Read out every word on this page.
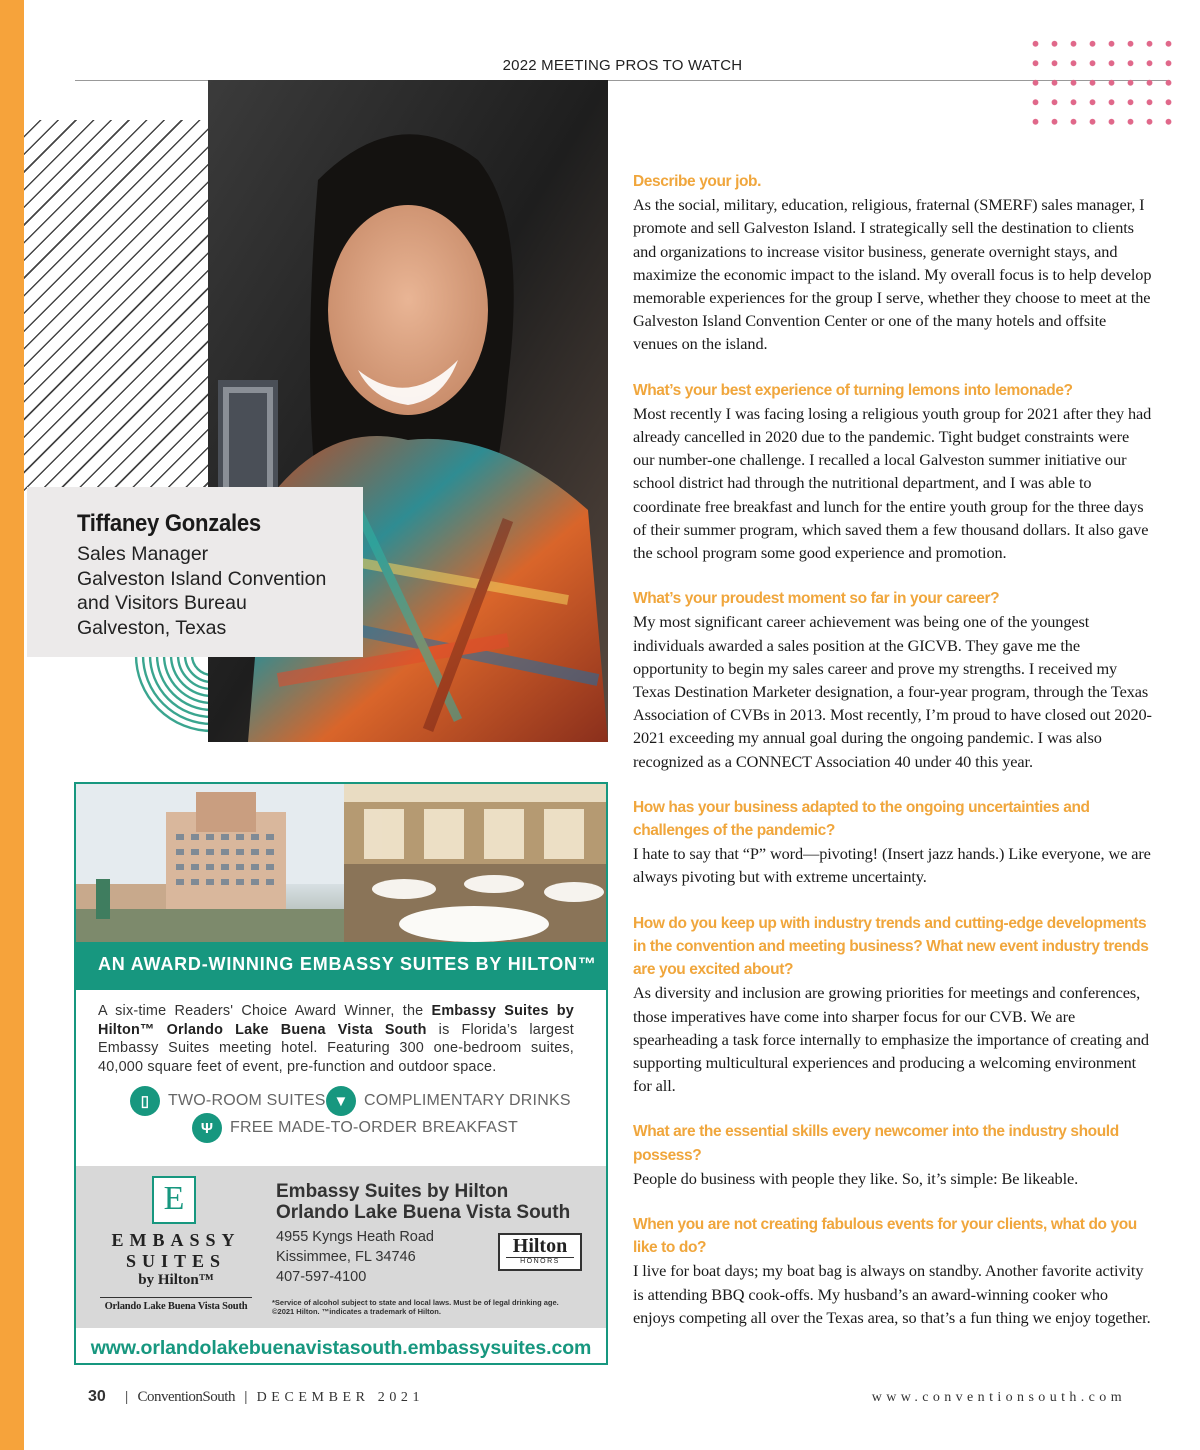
2022 MEETING PROS TO WATCH
Tiffaney Gonzales
Sales Manager
Galveston Island Convention
and Visitors Bureau
Galveston, Texas
AN AWARD-WINNING EMBASSY SUITES BY HILTON™
A six-time Readers' Choice Award Winner, the Embassy Suites by Hilton™ Orlando Lake Buena Vista South is Florida’s largest Embassy Suites meeting hotel. Featuring 300 one-bedroom suites, 40,000 square feet of event, pre-function and outdoor space.
▯	TWO-ROOM SUITES ▼ COMPLIMENTARY DRINKS
Ψ	FREE MADE-TO-ORDER BREAKFAST
E
EMBASSY
SUITES
by Hilton™
Orlando Lake Buena Vista South
Embassy Suites by Hilton Orlando Lake Buena Vista South
4955 Kyngs Heath Road
Kissimmee, FL 34746
407-597-4100
Hilton
HONORS
*Service of alcohol subject to state and local laws. Must be of legal drinking age. ©2021 Hilton. ™indicates a trademark of Hilton.
www.orlandolakebuenavistasouth.embassysuites.com
Describe your job.
As the social, military, education, religious, fraternal (SMERF) sales manager, I promote and sell Galveston Island. I strategically sell the destination to clients and organizations to increase visitor business, generate overnight stays, and maximize the economic impact to the island. My overall focus is to help develop memorable experiences for the group I serve, whether they choose to meet at the Galveston Island Convention Center or one of the many hotels and offsite venues on the island.
What’s your best experience of turning lemons into lemonade?
Most recently I was facing losing a religious youth group for 2021 after they had already cancelled in 2020 due to the pandemic. Tight budget constraints were our number-one challenge. I recalled a local Galveston summer initiative our school district had through the nutritional department, and I was able to coordinate free breakfast and lunch for the entire youth group for the three days of their summer program, which saved them a few thousand dollars. It also gave the school program some good experience and promotion.
What’s your proudest moment so far in your career?
My most significant career achievement was being one of the youngest individuals awarded a sales position at the GICVB. They gave me the opportunity to begin my sales career and prove my strengths. I received my Texas Destination Marketer designation, a four-year program, through the Texas Association of CVBs in 2013. Most recently, I’m proud to have closed out 2020-2021 exceeding my annual goal during the ongoing pandemic. I was also recognized as a CONNECT Association 40 under 40 this year.
How has your business adapted to the ongoing uncertainties and challenges of the pandemic?
I hate to say that “P” word—pivoting! (Insert jazz hands.) Like everyone, we are always pivoting but with extreme uncertainty.
How do you keep up with industry trends and cutting-edge developments in the convention and meeting business? What new event industry trends are you excited about?
As diversity and inclusion are growing priorities for meetings and conferences, those imperatives have come into sharper focus for our CVB. We are spearheading a task force internally to emphasize the importance of creating and supporting multicultural experiences and producing a welcoming environment for all.
What are the essential skills every newcomer into the industry should possess?
People do business with people they like. So, it’s simple: Be likeable.
When you are not creating fabulous events for your clients, what do you like to do?
I live for boat days; my boat bag is always on standby. Another favorite activity is attending BBQ cook-offs. My husband’s an award-winning cooker who enjoys competing all over the Texas area, so that’s a fun thing we enjoy together.
30 | ConventionSouth | DECEMBER 2021	www.conventionsouth.com
